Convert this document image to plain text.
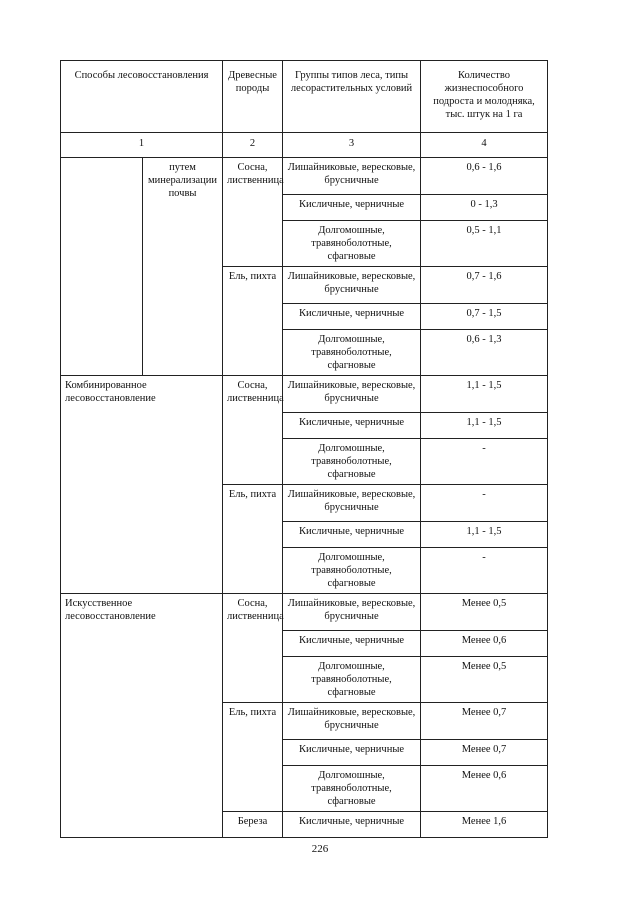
Способы лесовосстановления		Древесные породы	Группы типов леса, типы лесорастительных условий	Количество жизнеспособного подроста и молодняка, тыс. штук на 1 га
1		2	3	4
	путем минерализации почвы	Сосна, лиственница	Лишайниковые, вересковые, брусничные	0,6 - 1,6
			Кисличные, черничные	0 - 1,3
			Долгомошные, травяноболотные, сфагновые	0,5 - 1,1
		Ель, пихта	Лишайниковые, вересковые, брусничные	0,7 - 1,6
			Кисличные, черничные	0,7 - 1,5
			Долгомошные, травяноболотные, сфагновые	0,6 - 1,3
Комбинированное лесовосстановление		Сосна, лиственница	Лишайниковые, вересковые, брусничные	1,1 - 1,5
			Кисличные, черничные	1,1 - 1,5
			Долгомошные, травяноболотные, сфагновые	-
		Ель, пихта	Лишайниковые, вересковые, брусничные	-
			Кисличные, черничные	1,1 - 1,5
			Долгомошные, травяноболотные, сфагновые	-
Искусственное лесовосстановление		Сосна, лиственница	Лишайниковые, вересковые, брусничные	Менее 0,5
			Кисличные, черничные	Менее 0,6
			Долгомошные, травяноболотные, сфагновые	Менее 0,5
		Ель, пихта	Лишайниковые, вересковые, брусничные	Менее 0,7
			Кисличные, черничные	Менее 0,7
			Долгомошные, травяноболотные, сфагновые	Менее 0,6
		Береза	Кисличные, черничные	Менее 1,6
226
